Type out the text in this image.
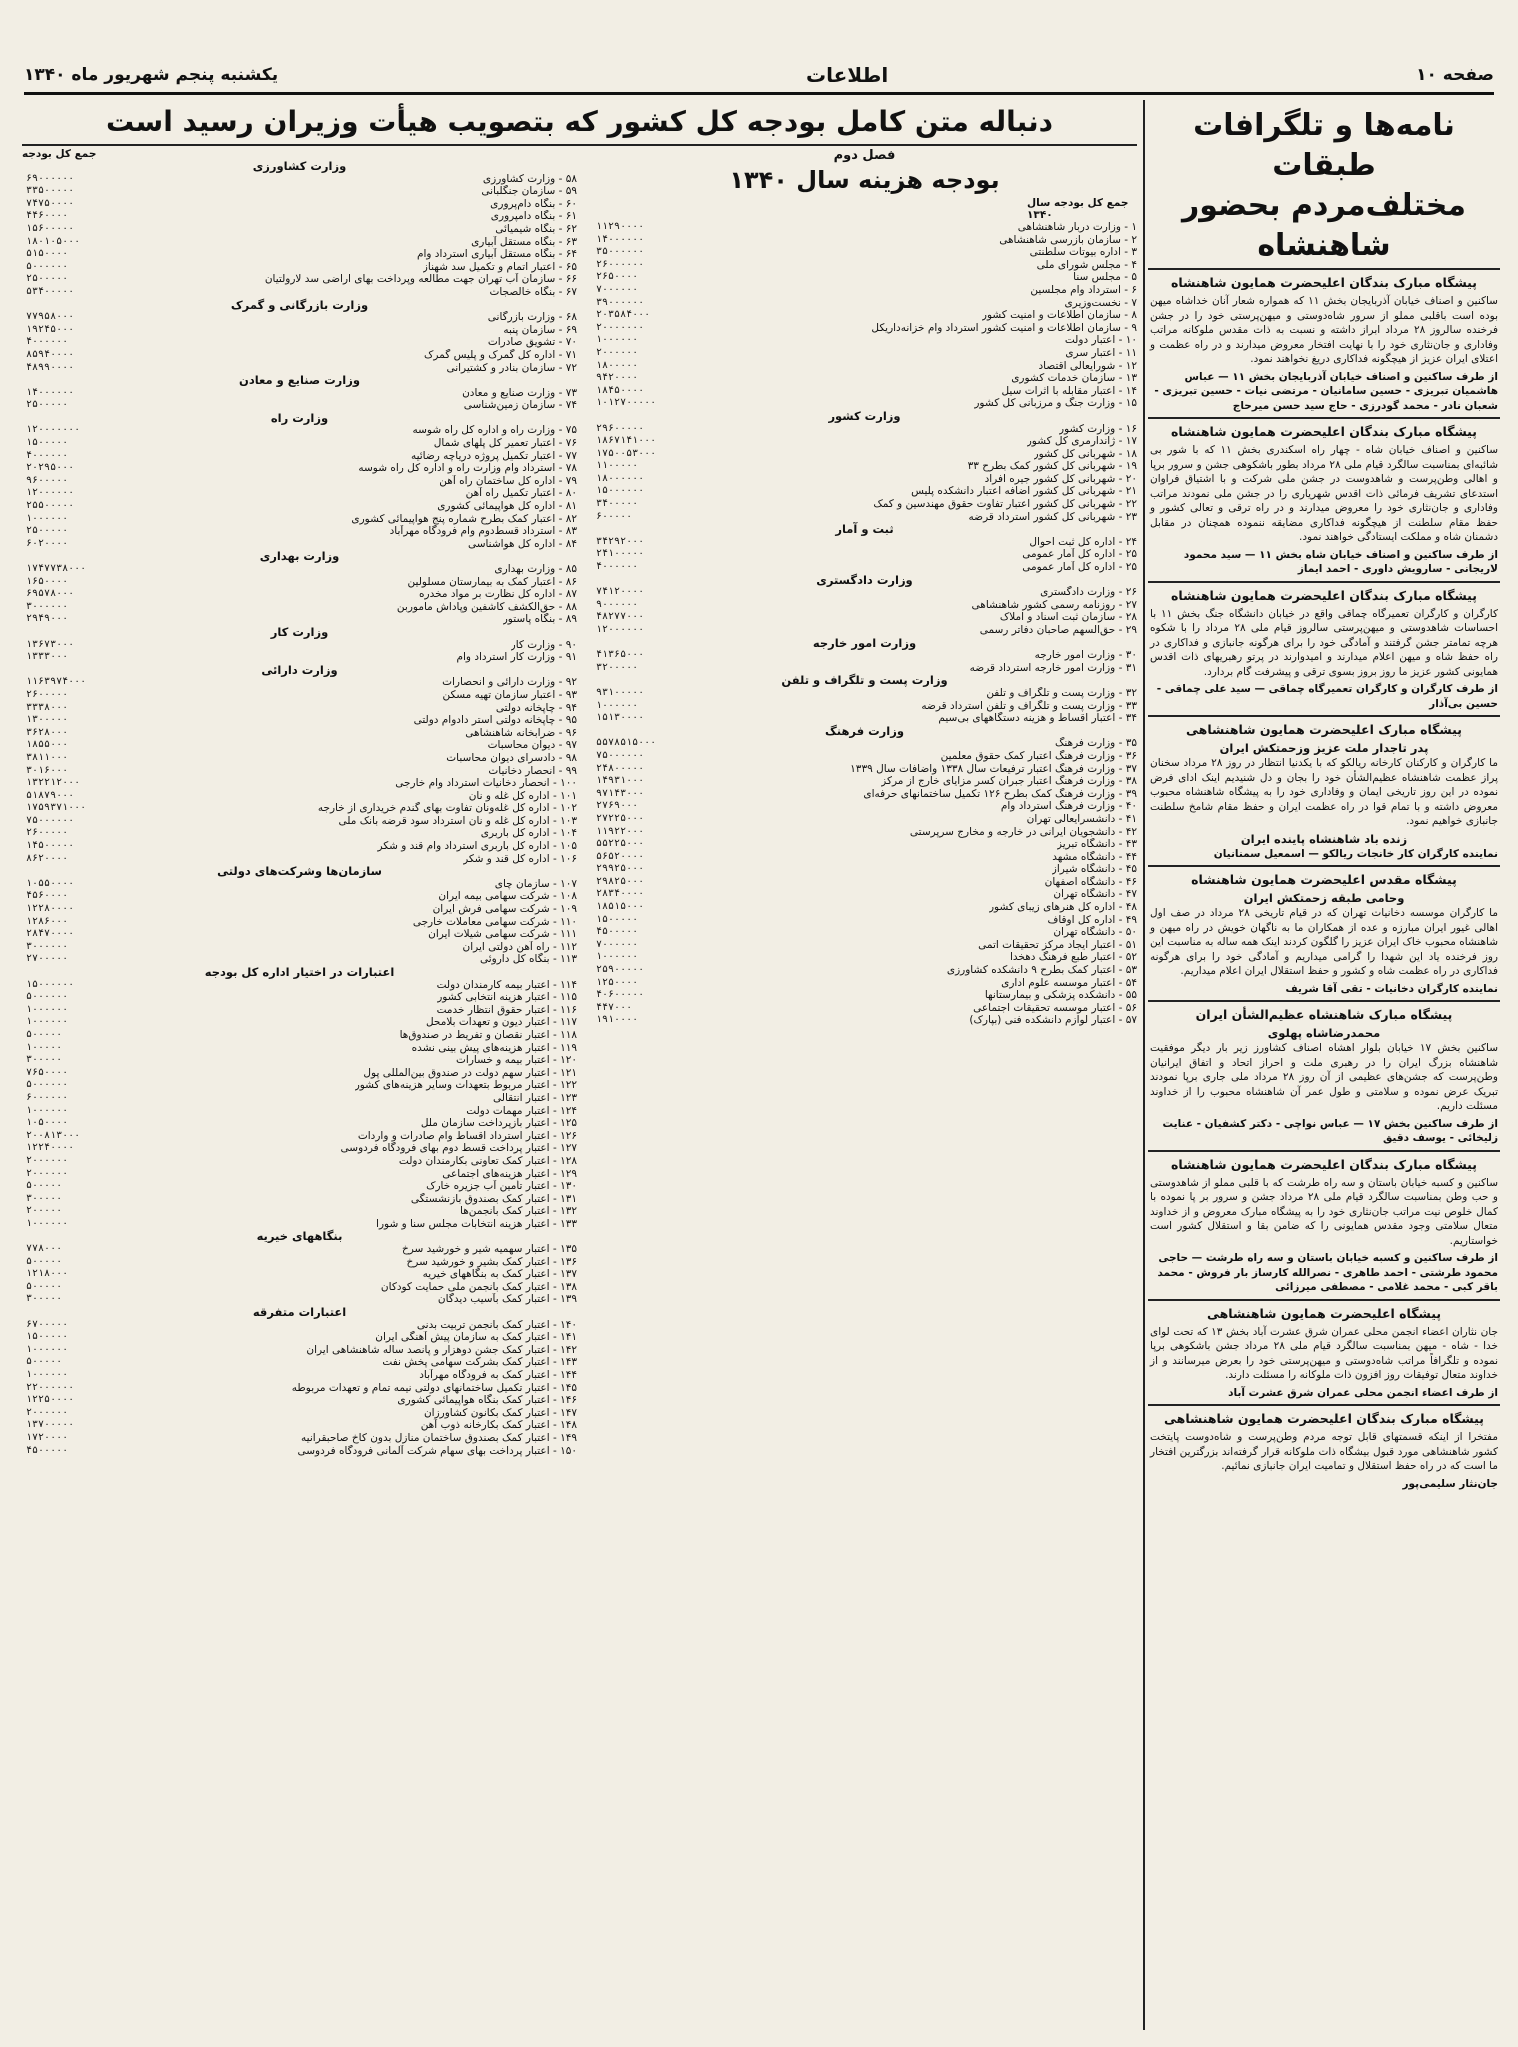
صفحه ۱۰
اطلاعات
یکشنبه پنجم شهریور ماه ۱۳۴۰
نامه‌ها و تلگرافات طبقات
مختلف‌مردم بحضور شاهنشاه
پیشگاه مبارک بندگان اعلیحضرت همایون شاهنشاه

ساکنین و اصناف خیابان آذربایجان بخش ۱۱ که همواره شعار آنان خداشاه میهن بوده است باقلبی مملو از سرور شاه‌دوستی و میهن‌پرستی خود را در جشن فرخنده سالروز ۲۸ مرداد ابراز داشته و نسبت به ذات مقدس ملوکانه مراتب وفاداری و جان‌نثاری خود را با نهایت افتخار معروض میدارند و در راه عظمت و اعتلای ایران عزیز از هیچگونه فداکاری دریغ نخواهند نمود.

از طرف ساکنین و اصناف خیابان آذربایجان بخش ۱۱ — عباس هاشمیان تبریزی - حسین سامانیان - مرتضی نیات - حسین تبریزی - شعبان نادر - محمد گودرزی - حاج سید حسن میرحاج
پیشگاه مبارک بندگان اعلیحضرت همایون شاهنشاه

ساکنین و اصناف خیابان شاه - چهار راه اسکندری بخش ۱۱ که با شور بی شائبه‌ای بمناسبت سالگرد قیام ملی ۲۸ مرداد بطور باشکوهی جشن و سرور برپا و اهالی وطن‌پرست و شاهدوست در جشن ملی شرکت و با اشتیاق فراوان استدعای تشریف فرمائی ذات اقدس شهریاری را در جشن ملی نمودند مراتب وفاداری و جان‌نثاری خود را معروض میدارند و در راه ترقی و تعالی کشور و حفظ مقام سلطنت از هیچگونه فداکاری مضایقه ننموده همچنان در مقابل دشمنان شاه و مملکت ایستادگی خواهند نمود.

از طرف ساکنین و اصناف خیابان شاه بخش ۱۱ — سید محمود لاریجانی - سارویش داوری - احمد ایماز
پیشگاه مبارک بندگان اعلیحضرت همایون شاهنشاه

کارگران و کارگران تعمیرگاه چماقی واقع در خیابان دانشگاه جنگ بخش ۱۱ با احساسات شاهدوستی و میهن‌پرستی سالروز قیام ملی ۲۸ مرداد را با شکوه هرچه تمامتر جشن گرفتند و آمادگی خود را برای هرگونه جانبازی و فداکاری در راه حفظ شاه و میهن اعلام میدارند و امیدوارند در پرتو رهبریهای ذات اقدس همایونی کشور عزیز ما روز بروز بسوی ترقی و پیشرفت گام بردارد.

از طرف کارگران و کارگران تعمیرگاه چماقی — سید علی چماقی - حسین بی‌آذار
پیشگاه مبارک اعلیحضرت همایون شاهنشاهی
پدر تاجدار ملت عزیز وزحمتکش ایران

ما کارگران و کارکنان کارخانه ریالکو که با یکدنیا انتظار در روز ۲۸ مرداد سخنان پراز عظمت شاهنشاه عظیم‌الشأن خود را بجان و دل شنیدیم اینک ادای فرض نموده در این روز تاریخی ایمان و وفاداری خود را به پیشگاه شاهنشاه محبوب معروض داشته و با تمام قوا در راه عظمت ایران و حفظ مقام شامخ سلطنت جانبازی خواهیم نمود.

زنده باد شاهنشاه پاینده ایران
نماینده کارگران کار خانجات ریالکو — اسمعیل سمنانیان
پیشگاه مقدس اعلیحضرت همایون شاهنشاه
وحامی طبقه زحمتکش ایران

ما کارگران موسسه دخانیات تهران که در قیام تاریخی ۲۸ مرداد در صف اول اهالی غیور ایران مبارزه و عده از همکاران ما به ناگهان خویش در راه میهن و شاهنشاه محبوب خاک ایران عزیز را گلگون کردند اینک همه ساله به مناسبت این روز فرخنده یاد این شهدا را گرامی میداریم و آمادگی خود را برای هرگونه فداکاری در راه عظمت شاه و کشور و حفظ استقلال ایران اعلام میداریم.

نماینده کارگران دخانیات - تقی آقا شریف
پیشگاه مبارک شاهنشاه عظیم‌الشأن ایران
محمدرضاشاه پهلوی

ساکنین بخش ۱۷ خیابان بلوار اهشاه اصناف کشاورز زیر بار دیگر موفقیت شاهنشاه بزرگ ایران را در رهبری ملت و احراز اتحاد و اتفاق ایرانیان وطن‌پرست که جشن‌های عظیمی از آن روز ۲۸ مرداد ملی جاری برپا نمودند تبریک عرض نموده و سلامتی و طول عمر آن شاهنشاه محبوب را از خداوند مسئلت داریم.

از طرف ساکنین بخش ۱۷ — عباس نواچی - دکتر کشفیان - عنایت زلیخائی - یوسف دقیق
پیشگاه مبارک بندگان اعلیحضرت همایون شاهنشاه

ساکنین و کسبه خیابان باستان و سه راه طرشت که با قلبی مملو از شاهدوستی و حب وطن بمناسبت سالگرد قیام ملی ۲۸ مرداد جشن و سرور بر پا نموده با کمال خلوص نیت مراتب جان‌نثاری خود را به پیشگاه مبارک معروض و از خداوند متعال سلامتی وجود مقدس همایونی را که ضامن بقا و استقلال کشور است خواستاریم.

از طرف ساکنین و کسبه خیابان باستان و سه راه طرشت — حاجی محمود طرشتی - احمد طاهری - نصرالله کارساز بار فروش - محمد باقر کبی - محمد غلامی - مصطفی میرزائی
پیشگاه اعلیحضرت همایون شاهنشاهی

جان نثاران اعضاء انجمن محلی عمران شرق عشرت آباد بخش ۱۳ که تحت لوای خدا - شاه - میهن بمناسبت سالگرد قیام ملی ۲۸ مرداد جشن باشکوهی برپا نموده و تلگرافاً مراتب شاه‌دوستی و میهن‌پرستی خود را بعرض میرسانند و از خداوند متعال توفیقات روز افزون ذات ملوکانه را مسئلت دارند.

از طرف اعضاء انجمن محلی عمران شرق عشرت آباد
پیشگاه مبارک بندگان اعلیحضرت همایون شاهنشاهی

مفتخرا از اینکه قسمتهای قابل توجه مردم وطن‌پرست و شاه‌دوست پایتخت کشور شاهنشاهی مورد قبول بیشگاه ذات ملوکانه قرار گرفته‌اند بزرگترین افتخار ما است که در راه حفظ استقلال و تمامیت ایران جانبازی نمائیم.

جان‌نثار سلیمی‌پور
دنباله متن کامل بودجه کل کشور که بتصویب هیأت وزیران رسید است
فصل دوم
بودجه هزینه سال ۱۳۴۰
جمع کل بودجه سال ۱۳۴۰
۱ - وزارت دربار شاهنشاهی
۱۱۲۹۰۰۰۰
۲ - سازمان بازرسی شاهنشاهی
۱۴۰۰۰۰۰۰
۳ - اداره بیوتات سلطنتی
۳۵۰۰۰۰۰۰
۴ - مجلس شورای ملی
۲۶۰۰۰۰۰۰
۵ - مجلس سنا
۲۶۵۰۰۰۰
۶ - استرداد وام مجلسین
۷۰۰۰۰۰۰
۷ - نخست‌وزیری
۳۹۰۰۰۰۰۰
۸ - سازمان اطلاعات و امنیت کشور
۲۰۳۵۸۴۰۰۰
۹ - سازمان اطلاعات و امنیت کشور استرداد وام خزانه‌داریکل
۲۰۰۰۰۰۰۰
۱۰ - اعتبار دولت
۱۰۰۰۰۰۰
۱۱ - اعتبار سری
۲۰۰۰۰۰۰
۱۲ - شورایعالی اقتصاد
۱۸۰۰۰۰۰
۱۳ - سازمان خدمات کشوری
۹۴۲۰۰۰۰
۱۴ - اعتبار مقابله با اثرات سیل
۱۸۴۵۰۰۰۰
۱۵ - وزارت جنگ و مرزبانی کل کشور
۱۰۱۲۷۰۰۰۰۰
وزارت کشور
۱۶ - وزارت کشور
۲۹۶۰۰۰۰۰
۱۷ - ژاندارمری کل کشور
۱۸۶۷۱۴۱۰۰۰
۱۸ - شهربانی کل کشور
۱۷۵۰۰۵۳۰۰۰
۱۹ - شهربانی کل کشور کمک بطرح ۳۳
۱۱۰۰۰۰۰
۲۰ - شهربانی کل کشور جیره افراد
۱۸۰۰۰۰۰۰
۲۱ - شهربانی کل کشور اضافه اعتبار دانشکده پلیس
۱۵۰۰۰۰۰۰
۲۲ - شهربانی کل کشور اعتبار تفاوت حقوق مهندسین و کمک
۳۴۰۰۰۰۰
۲۳ - شهربانی کل کشور استرداد قرضه
۶۰۰۰۰۰
ثبت و آمار
۲۴ - اداره کل ثبت احوال
۳۴۲۹۲۰۰۰
۲۵ - اداره کل آمار عمومی
۲۴۱۰۰۰۰۰
۲۵ - اداره کل آمار عمومی
۴۰۰۰۰۰۰
وزارت دادگستری
۲۶ - وزارت دادگستری
۷۴۱۲۰۰۰۰
۲۷ - روزنامه رسمی کشور شاهنشاهی
۹۰۰۰۰۰۰
۲۸ - سازمان ثبت اسناد و املاک
۴۸۲۷۷۰۰۰
۲۹ - حق‌السهم صاحبان دفاتر رسمی
۱۲۰۰۰۰۰۰
وزارت امور خارجه
۳۰ - وزارت امور خارجه
۴۱۳۶۵۰۰۰
۳۱ - وزارت امور خارجه استرداد قرضه
۳۲۰۰۰۰۰
وزارت پست و تلگراف و تلفن
۳۲ - وزارت پست و تلگراف و تلفن
۹۳۱۰۰۰۰۰
۳۳ - وزارت پست و تلگراف و تلفن استرداد قرضه
۱۰۰۰۰۰۰
۳۴ - اعتبار اقساط و هزینه دستگاههای بی‌سیم
۱۵۱۳۰۰۰۰
وزارت فرهنگ
۳۵ - وزارت فرهنگ
۵۵۷۸۵۱۵۰۰۰
۳۶ - وزارت فرهنگ اعتبار کمک حقوق معلمین
۷۵۰۰۰۰۰۰
۳۷ - وزارت فرهنگ اعتبار ترفیعات سال ۱۳۳۸ واضافات سال ۱۳۳۹
۲۴۸۰۰۰۰۰
۳۸ - وزارت فرهنگ اعتبار جبران کسر مزایای خارج از مرکز
۱۴۹۳۱۰۰۰
۳۹ - وزارت فرهنگ کمک بطرح ۱۲۶ تکمیل ساختمانهای حرفه‌ای
۹۷۱۴۳۰۰۰
۴۰ - وزارت فرهنگ استرداد وام
۲۷۶۹۰۰۰
۴۱ - دانشسرایعالی تهران
۲۷۲۲۵۰۰۰
۴۲ - دانشجویان ایرانی در خارجه و مخارج سرپرستی
۱۱۹۲۲۰۰۰
۴۳ - دانشگاه تبریز
۵۵۲۲۵۰۰۰
۴۴ - دانشگاه مشهد
۵۶۵۲۰۰۰۰
۴۵ - دانشگاه شیراز
۲۹۹۲۵۰۰۰
۴۶ - دانشگاه اصفهان
۲۹۸۲۵۰۰۰
۴۷ - دانشگاه تهران
۲۸۳۴۰۰۰۰
۴۸ - اداره کل هنرهای زیبای کشور
۱۸۵۱۵۰۰۰
۴۹ - اداره کل اوقاف
۱۵۰۰۰۰۰
۵۰ - دانشگاه تهران
۴۵۰۰۰۰۰
۵۱ - اعتبار ایجاد مرکز تحقیقات اتمی
۷۰۰۰۰۰۰
۵۲ - اعتبار طبع فرهنگ دهخدا
۱۰۰۰۰۰۰
۵۳ - اعتبار کمک بطرح ۹ دانشکده کشاورزی
۲۵۹۰۰۰۰۰
۵۴ - اعتبار موسسه علوم اداری
۱۲۵۰۰۰۰
۵۵ - دانشکده پزشکی و بیمارستانها
۴۰۶۰۰۰۰۰
۵۶ - اعتبار موسسه تحقیقات اجتماعی
۴۴۷۰۰۰
۵۷ - اعتبار لوازم دانشکده فنی (بپارک)
۱۹۱۰۰۰۰
جمع کل بودجه
وزارت کشاورزی
۵۸ - وزارت کشاورزی
۶۹۰۰۰۰۰۰
۵۹ - سازمان جنگلبانی
۳۳۵۰۰۰۰۰
۶۰ - بنگاه دام‌پروری
۷۴۷۵۰۰۰۰
۶۱ - بنگاه دامپروری
۴۴۶۰۰۰۰
۶۲ - بنگاه شیمیائی
۱۵۶۰۰۰۰۰
۶۳ - بنگاه مستقل آبیاری
۱۸۰۱۰۵۰۰۰
۶۴ - بنگاه مستقل آبیاری استرداد وام
۵۱۵۰۰۰۰
۶۵ - اعتبار اتمام و تکمیل سد شهناز
۵۰۰۰۰۰۰
۶۶ - سازمان آب تهران جهت مطالعه وپرداخت بهای اراضی سد لارولتیان
۲۵۰۰۰۰۰
۶۷ - بنگاه خالصجات
۵۳۴۰۰۰۰۰
وزارت بازرگانی و گمرک
۶۸ - وزارت بازرگانی
۷۷۹۵۸۰۰۰
۶۹ - سازمان پنبه
۱۹۲۴۵۰۰۰
۷۰ - تشویق صادرات
۴۰۰۰۰۰۰
۷۱ - اداره کل گمرک و پلیس گمرک
۸۵۹۴۰۰۰۰
۷۲ - سازمان بنادر و کشتیرانی
۴۸۹۹۰۰۰۰
وزارت صنایع و معادن
۷۳ - وزارت صنایع و معادن
۱۴۰۰۰۰۰۰
۷۴ - سازمان زمین‌شناسی
۲۵۰۰۰۰۰
وزارت راه
۷۵ - وزارت راه و اداره کل راه شوسه
۱۲۰۰۰۰۰۰۰
۷۶ - اعتبار تعمیر کل پلهای شمال
۱۵۰۰۰۰۰
۷۷ - اعتبار تکمیل پروژه دریاچه رضائیه
۴۰۰۰۰۰۰
۷۸ - استرداد وام وزارت راه و اداره کل راه شوسه
۲۰۲۹۵۰۰۰
۷۹ - اداره کل ساختمان راه آهن
۹۶۰۰۰۰۰
۸۰ - اعتبار تکمیل راه آهن
۱۲۰۰۰۰۰۰
۸۱ - اداره کل هواپیمائی کشوری
۲۵۵۰۰۰۰۰
۸۲ - اعتبار کمک بطرح شماره پنج هواپیمائی کشوری
۱۰۰۰۰۰۰
۸۳ - استرداد قسط‌دوم وام فرودگاه مهرآباد
۲۵۰۰۰۰۰
۸۴ - اداره کل هواشناسی
۶۰۲۰۰۰۰
وزارت بهداری
۸۵ - وزارت بهداری
۱۷۴۷۷۳۸۰۰۰
۸۶ - اعتبار کمک به بیمارستان مسلولین
۱۶۵۰۰۰۰
۸۷ - اداره کل نظارت بر مواد مخدره
۶۹۵۷۸۰۰۰
۸۸ - حق‌الکشف کاشفین وپاداش ماموربن
۳۰۰۰۰۰۰
۸۹ - بنگاه پاستور
۲۹۴۹۰۰۰
وزارت کار
۹۰ - وزارت کار
۱۳۶۷۳۰۰۰
۹۱ - وزارت کار استرداد وام
۱۳۳۳۰۰۰
وزارت دارائی
۹۲ - وزارت دارائی و انحصارات
۱۱۶۳۹۷۴۰۰۰
۹۳ - اعتبار سازمان تهیه مسکن
۲۶۰۰۰۰۰
۹۴ - چاپخانه دولتی
۳۳۳۸۰۰۰
۹۵ - چاپخانه دولتی استر دادوام دولتی
۱۳۰۰۰۰۰
۹۶ - ضرابخانه شاهنشاهی
۳۶۲۸۰۰۰
۹۷ - دیوان محاسبات
۱۸۵۵۰۰۰
۹۸ - دادسرای دیوان محاسبات
۳۸۱۱۰۰۰
۹۹ - انحصار دخانیات
۳۰۱۶۰۰۰
۱۰۰ - انحصار دخانیات استرداد وام خارجی
۱۳۲۲۱۲۰۰۰
۱۰۱ - اداره کل غله و نان
۵۱۸۷۹۰۰۰
۱۰۲ - اداره کل غله‌ونان تفاوت بهای گندم خریداری از خارجه
۱۷۵۹۳۷۱۰۰۰
۱۰۳ - اداره کل غله و نان استرداد سود قرضه بانک ملی
۷۵۰۰۰۰۰۰
۱۰۴ - اداره کل باربری
۲۶۰۰۰۰۰
۱۰۵ - اداره کل باربری استرداد وام قند و شکر
۱۴۵۰۰۰۰۰
۱۰۶ - اداره کل قند و شکر
۸۶۲۰۰۰۰
سازمان‌ها وشرکت‌های دولتی
۱۰۷ - سازمان چای
۱۰۵۵۰۰۰۰
۱۰۸ - شرکت سهامی بیمه ایران
۴۵۶۰۰۰۰
۱۰۹ - شرکت سهامی فرش ایران
۱۲۲۸۰۰۰۰
۱۱۰ - شرکت سهامی معاملات خارجی
۱۲۸۶۰۰۰
۱۱۱ - شرکت سهامی شیلات ایران
۲۸۴۷۰۰۰۰
۱۱۲ - راه آهن دولتی ایران
۳۰۰۰۰۰۰
۱۱۳ - بنگاه کل داروئی
۲۷۰۰۰۰۰
اعتبارات در اختیار اداره کل بودجه
۱۱۴ - اعتبار بیمه کارمندان دولت
۱۵۰۰۰۰۰۰
۱۱۵ - اعتبار هزینه انتخابی کشور
۵۰۰۰۰۰۰
۱۱۶ - اعتبار حقوق انتظار خدمت
۱۰۰۰۰۰۰
۱۱۷ - اعتبار دیون و تعهدات بلامحل
۱۰۰۰۰۰۰
۱۱۸ - اعتبار نقصان و تفریط در صندوق‌ها
۵۰۰۰۰۰
۱۱۹ - اعتبار هزینه‌های پیش بینی نشده
۱۰۰۰۰۰
۱۲۰ - اعتبار بیمه و خسارات
۳۰۰۰۰۰
۱۲۱ - اعتبار سهم دولت در صندوق بین‌المللی پول
۷۶۵۰۰۰۰
۱۲۲ - اعتبار مربوط بتعهدات وسایر هزینه‌های کشور
۵۰۰۰۰۰۰
۱۲۳ - اعتبار انتقالی
۶۰۰۰۰۰۰
۱۲۴ - اعتبار مهمات دولت
۱۰۰۰۰۰۰
۱۲۵ - اعتبار بازپرداخت سازمان ملل
۱۰۵۰۰۰۰
۱۲۶ - اعتبار استرداد اقساط وام صادرات و واردات
۲۰۰۸۱۳۰۰۰
۱۲۷ - اعتبار پرداخت قسط دوم بهای فرودگاه فردوسی
۱۲۲۴۰۰۰۰
۱۲۸ - اعتبار کمک تعاونی بکارمندان دولت
۲۰۰۰۰۰۰
۱۲۹ - اعتبار هزینه‌های اجتماعی
۲۰۰۰۰۰۰
۱۳۰ - اعتبار تأمین آب جزیره خارک
۵۰۰۰۰۰
۱۳۱ - اعتبار کمک بصندوق بازنشستگی
۳۰۰۰۰۰
۱۳۲ - اعتبار کمک بانجمن‌ها
۲۰۰۰۰۰
۱۳۳ - اعتبار هزینه انتخابات مجلس سنا و شورا
۱۰۰۰۰۰۰
بنگاههای خیریه
۱۳۵ - اعتبار سهمیه شیر و خورشید سرخ
۷۷۸۰۰۰
۱۳۶ - اعتبار کمک بشیر و خورشید سرخ
۵۰۰۰۰۰
۱۳۷ - اعتبار کمک به بنگاههای خیریه
۱۲۱۸۰۰۰
۱۳۸ - اعتبار کمک بانجمن ملی حمایت کودکان
۵۰۰۰۰۰
۱۳۹ - اعتبار کمک بآسیب دیدگان
۳۰۰۰۰۰
اعتبارات متفرقه
۱۴۰ - اعتبار کمک بانجمن تربیت بدنی
۶۷۰۰۰۰۰
۱۴۱ - اعتبار کمک به سازمان پیش آهنگی ایران
۱۵۰۰۰۰۰
۱۴۲ - اعتبار کمک جشن دوهزار و پانصد ساله شاهنشاهی ایران
۱۰۰۰۰۰۰
۱۴۳ - اعتبار کمک بشرکت سهامی پخش نفت
۵۰۰۰۰۰
۱۴۴ - اعتبار کمک به فرودگاه مهرآباد
۱۰۰۰۰۰۰
۱۴۵ - اعتبار تکمیل ساختمانهای دولتی نیمه تمام و تعهدات مربوطه
۲۲۰۰۰۰۰۰
۱۴۶ - اعتبار کمک بنگاه هواپیمائی کشوری
۱۲۲۵۰۰۰۰
۱۴۷ - اعتبار کمک بکانون کشاورزان
۲۰۰۰۰۰۰
۱۴۸ - اعتبار کمک بکارخانه ذوب آهن
۱۳۷۰۰۰۰۰
۱۴۹ - اعتبار کمک بصندوق ساختمان منازل بدون کاخ صاحبقرانیه
۱۷۲۰۰۰۰
۱۵۰ - اعتبار پرداخت بهای سهام شرکت آلمانی فرودگاه فردوسی
۴۵۰۰۰۰۰
